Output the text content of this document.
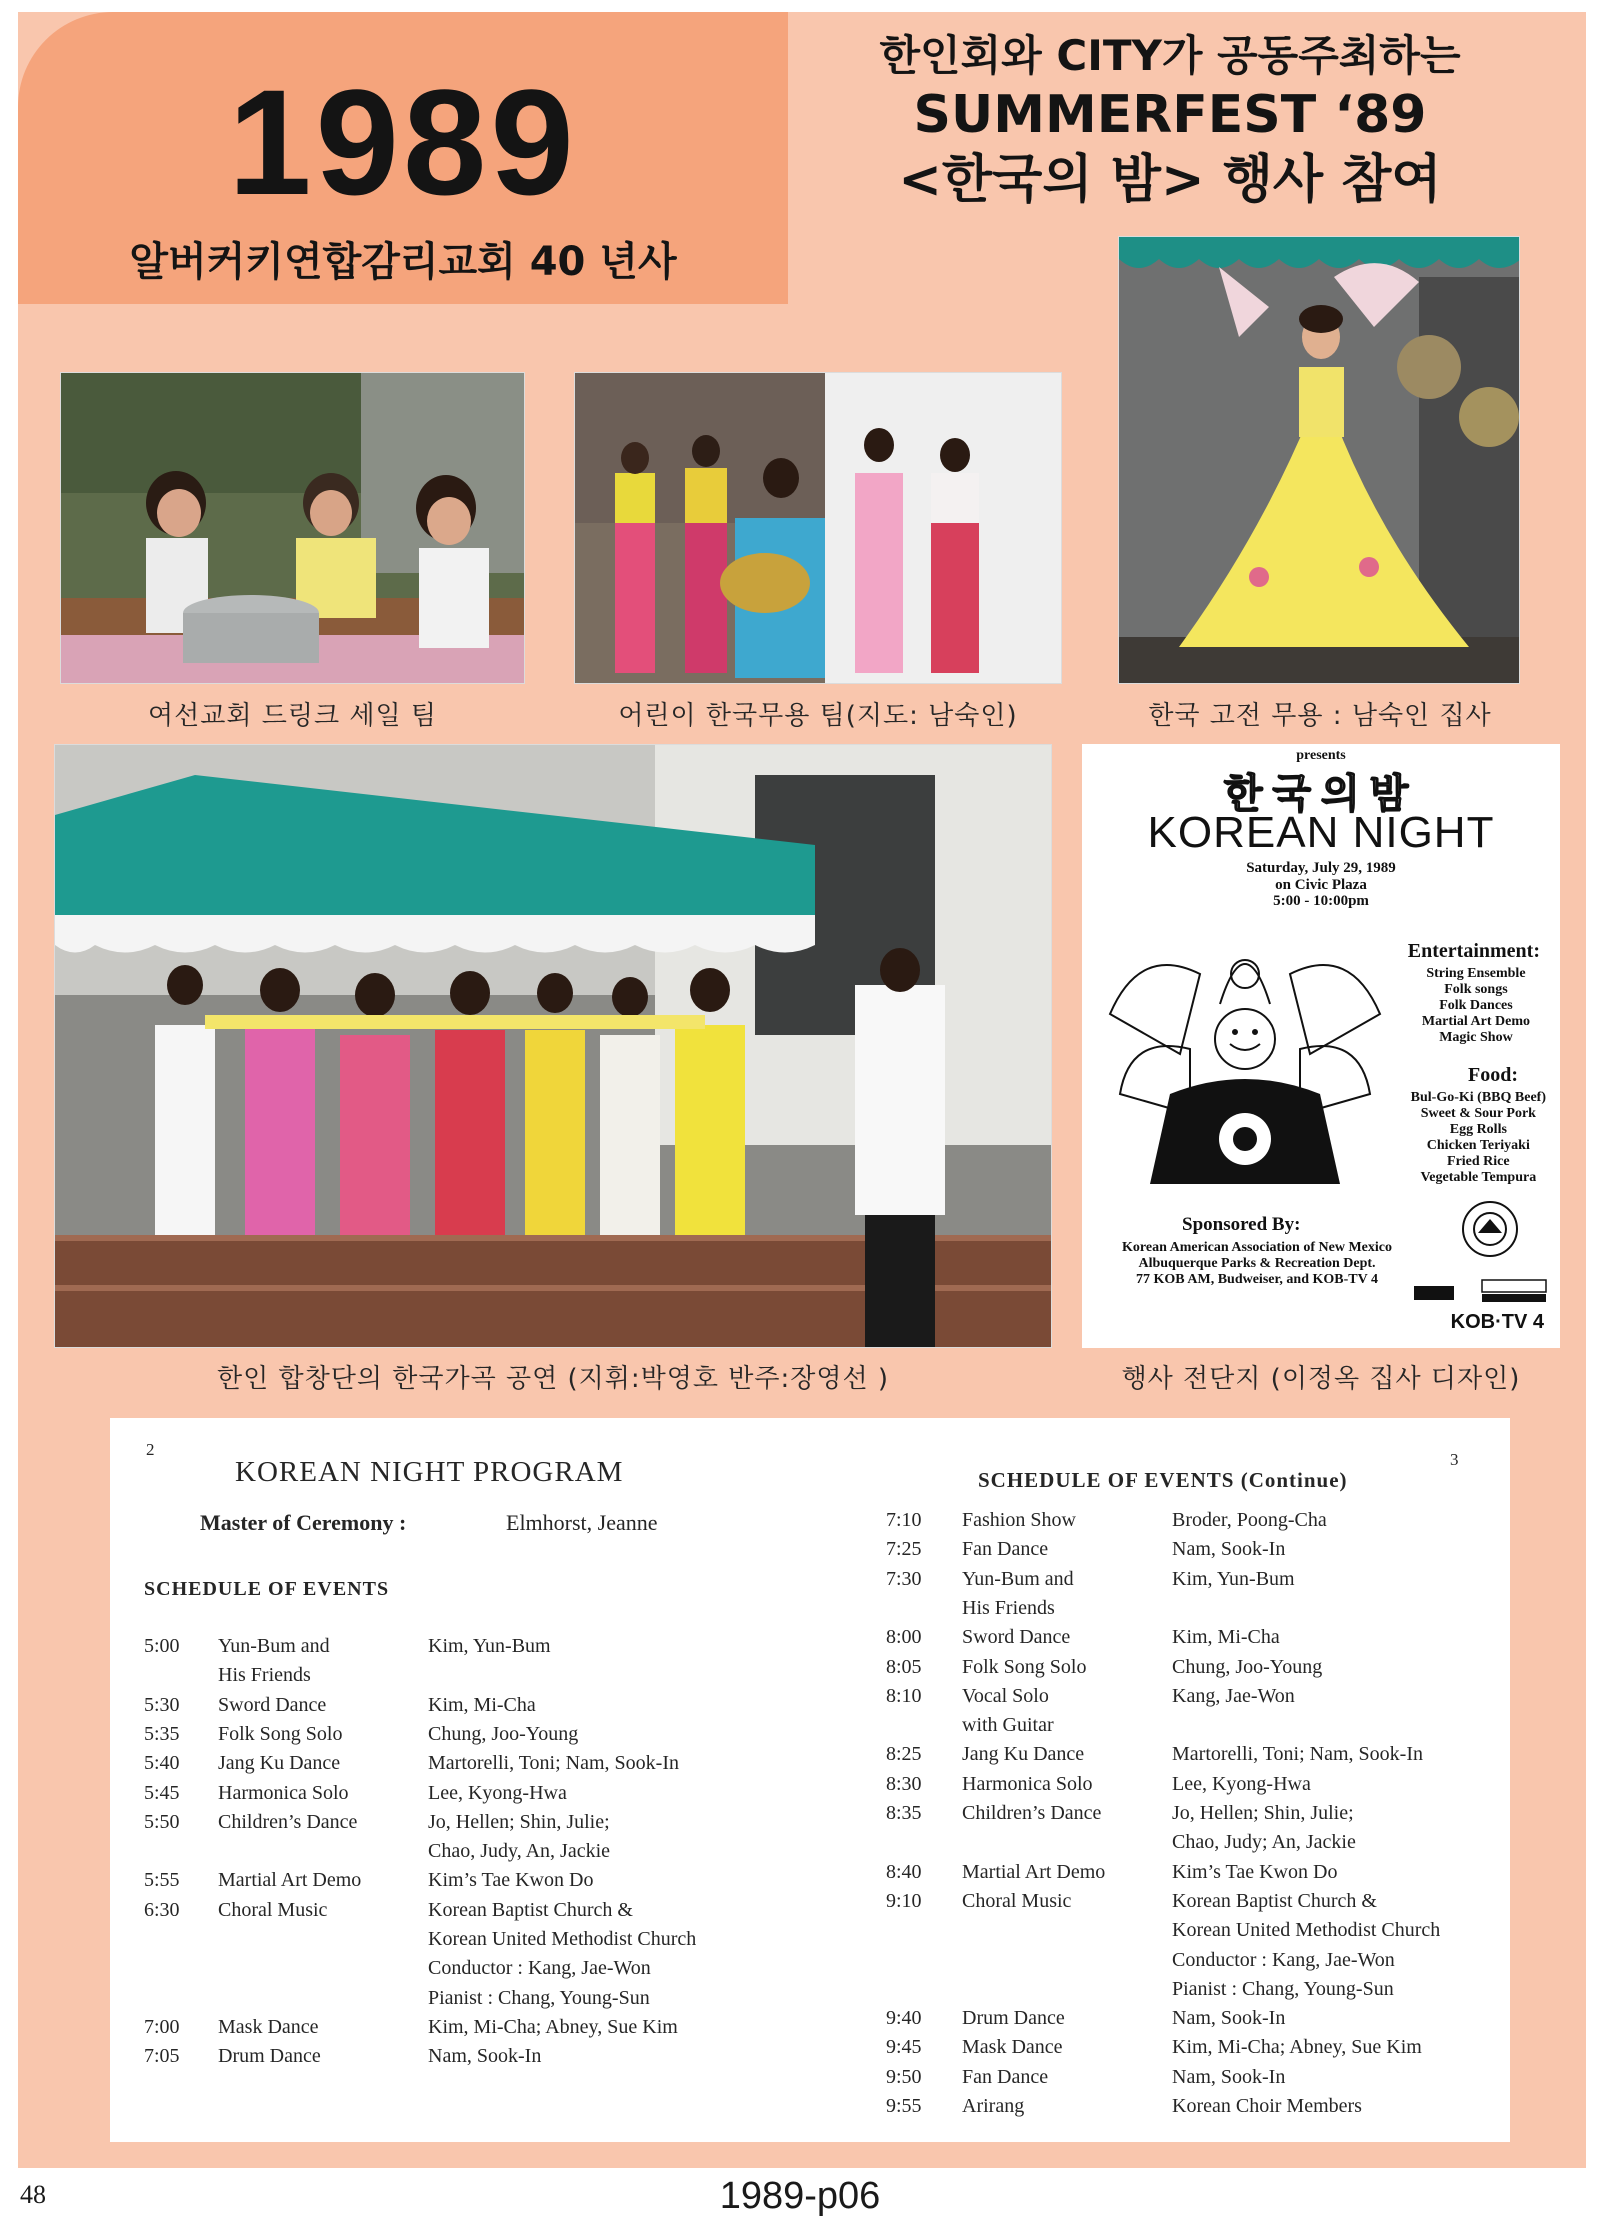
1989
알버커키연합감리교회 40 년사
한인회와 CITY가 공동주최하는
SUMMERFEST ‘89
<한국의 밤> 행사 참여
여선교회 드링크 세일 팀	어린이 한국무용 팀(지도: 남숙인)	한국 고전 무용 : 남숙인 집사
한인 합창단의 한국가곡 공연 (지휘:박영호 반주:장영선 )
presents
한국의밤
KOREAN NIGHT
Saturday, July 29, 1989
on Civic Plaza
5:00 - 10:00pm
Entertainment:
String Ensemble
Folk songs
Folk Dances
Martial Art Demo
Magic Show
Food:
Bul-Go-Ki (BBQ Beef)
Sweet & Sour Pork
Egg Rolls
Chicken Teriyaki
Fried Rice
Vegetable Tempura
Sponsored By:
Korean American Association of New Mexico
Albuquerque Parks & Recreation Dept.
77 KOB AM, Budweiser, and KOB-TV 4
KOB·TV 4
행사 전단지 (이정옥 집사 디자인)
2
3
KOREAN NIGHT PROGRAM
Master of Ceremony :	Elmhorst, Jeanne
SCHEDULE OF EVENTS
SCHEDULE OF EVENTS (Continue)
5:00 Yun-Bum and	Kim, Yun-Bum
His Friends
5:30 Sword Dance	Kim, Mi-Cha
5:35 Folk Song Solo	Chung, Joo-Young
5:40 Jang Ku Dance	Martorelli, Toni; Nam, Sook-In
5:45 Harmonica Solo	Lee, Kyong-Hwa
5:50 Children’s Dance	Jo, Hellen; Shin, Julie;
Chao, Judy, An, Jackie
5:55 Martial Art Demo	Kim’s Tae Kwon Do
6:30 Choral Music	Korean Baptist Church &
Korean United Methodist Church
Conductor : Kang, Jae-Won
Pianist : Chang, Young-Sun
7:00 Mask Dance	Kim, Mi-Cha; Abney, Sue Kim
7:05 Drum Dance	Nam, Sook-In
7:10 Fashion Show	Broder, Poong-Cha
7:25 Fan Dance	Nam, Sook-In
7:30 Yun-Bum and	Kim, Yun-Bum
His Friends
8:00 Sword Dance	Kim, Mi-Cha
8:05 Folk Song Solo	Chung, Joo-Young
8:10 Vocal Solo	Kang, Jae-Won
with Guitar
8:25 Jang Ku Dance	Martorelli, Toni; Nam, Sook-In
8:30 Harmonica Solo	Lee, Kyong-Hwa
8:35 Children’s Dance	Jo, Hellen; Shin, Julie;
Chao, Judy; An, Jackie
8:40 Martial Art Demo	Kim’s Tae Kwon Do
9:10 Choral Music	Korean Baptist Church &
Korean United Methodist Church
Conductor : Kang, Jae-Won
Pianist : Chang, Young-Sun
9:40 Drum Dance	Nam, Sook-In
9:45 Mask Dance	Kim, Mi-Cha; Abney, Sue Kim
9:50 Fan Dance	Nam, Sook-In
9:55 Arirang	Korean Choir Members
48	1989-p06
